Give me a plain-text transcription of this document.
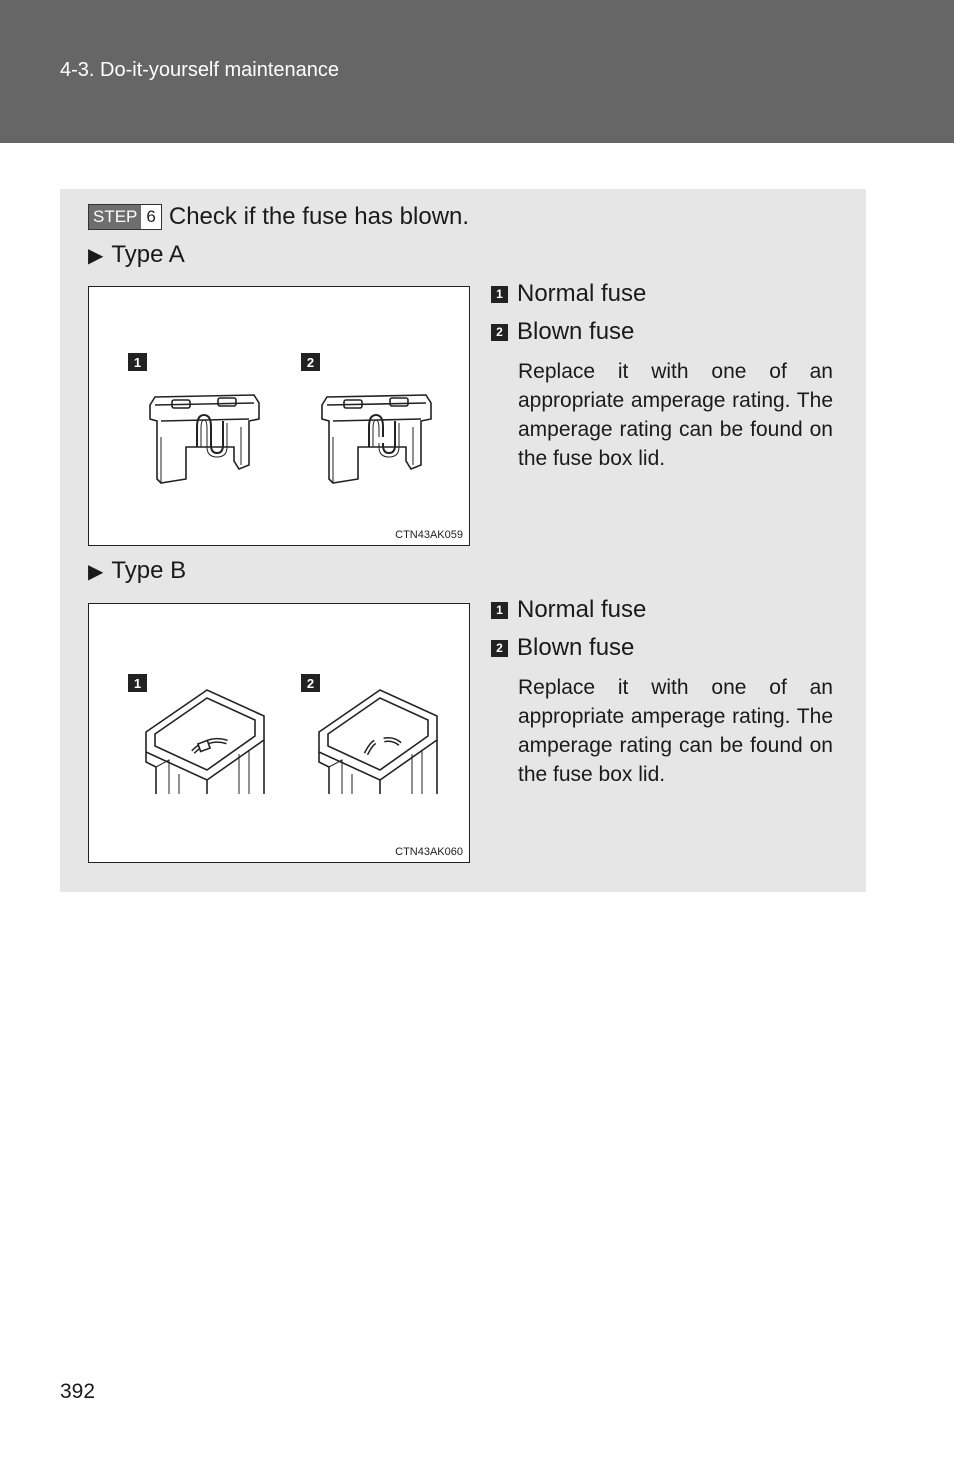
4-3. Do-it-yourself maintenance
STEP 6 Check if the fuse has blown.
▶ Type A
1	2
CTN43AK059
1 Normal fuse
2 Blown fuse
Replace it with one of an appropriate amperage rating. The amperage rating can be found on the fuse box lid.
▶ Type B
1	2
CTN43AK060
1 Normal fuse
2 Blown fuse
Replace it with one of an appropriate amperage rating. The amperage rating can be found on the fuse box lid.
392
